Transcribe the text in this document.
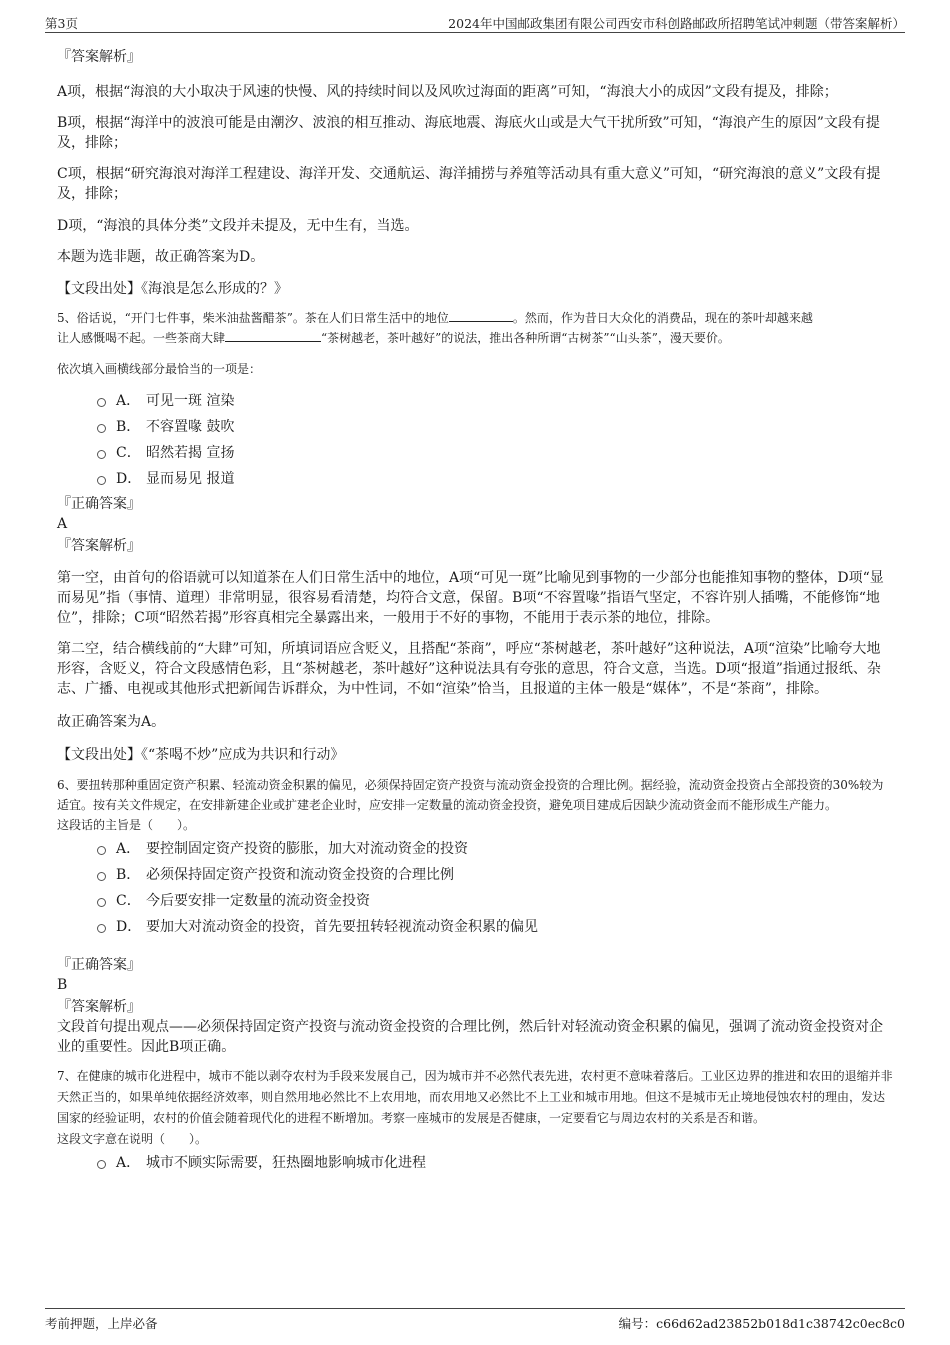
第3页	2024年中国邮政集团有限公司西安市科创路邮政所招聘笔试冲刺题（带答案解析）

『答案解析』

A项，根据“海浪的大小取决于风速的快慢、风的持续时间以及风吹过海面的距离”可知，“海浪大小的成因”文段有提及，排除；

B项，根据“海洋中的波浪可能是由潮汐、波浪的相互推动、海底地震、海底火山或是大气干扰所致”可知，“海浪产生的原因”文段有提及，排除；

C项，根据“研究海浪对海洋工程建设、海洋开发、交通航运、海洋捕捞与养殖等活动具有重大意义”可知，“研究海浪的意义”文段有提及，排除；

D项，“海浪的具体分类”文段并未提及，无中生有，当选。

本题为选非题，故正确答案为D。

【文段出处】《海浪是怎么形成的？》

5、俗话说，“开门七件事，柴米油盐酱醋茶”。茶在人们日常生活中的地位	。然而，作为昔日大众化的消费品，现在的茶叶却越来越
让人感慨喝不起。一些茶商大肆	“茶树越老，茶叶越好”的说法，推出各种所谓“古树茶”“山头茶”，漫天要价。

依次填入画横线部分最恰当的一项是：

A． 可见一斑 渲染
B． 不容置喙 鼓吹
C． 昭然若揭 宣扬
D． 显而易见 报道

『正确答案』

A

『答案解析』

第一空，由首句的俗语就可以知道茶在人们日常生活中的地位，A项“可见一斑”比喻见到事物的一少部分也能推知事物的整体，D项“显而易见”指（事情、道理）非常明显，很容易看清楚，均符合文意，保留。B项“不容置喙”指语气坚定，不容许别人插嘴，不能修饰“地位”，排除；C项“昭然若揭”形容真相完全暴露出来，一般用于不好的事物，不能用于表示茶的地位，排除。

第二空，结合横线前的“大肆”可知，所填词语应含贬义，且搭配“茶商”，呼应“茶树越老，茶叶越好”这种说法，A项“渲染”比喻夸大地形容，含贬义，符合文段感情色彩，且“茶树越老，茶叶越好”这种说法具有夸张的意思，符合文意，当选。D项“报道”指通过报纸、杂志、广播、电视或其他形式把新闻告诉群众，为中性词，不如“渲染”恰当，且报道的主体一般是“媒体”，不是“茶商”，排除。

故正确答案为A。

【文段出处】《“茶喝不炒”应成为共识和行动》

6、要扭转那种重固定资产积累、轻流动资金积累的偏见，必须保持固定资产投资与流动资金投资的合理比例。据经验，流动资金投资占全部投资的30%较为适宜。按有关文件规定，在安排新建企业或扩建老企业时，应安排一定数量的流动资金投资，避免项目建成后因缺少流动资金而不能形成生产能力。

这段话的主旨是（　　）。

A． 要控制固定资产投资的膨胀，加大对流动资金的投资
B． 必须保持固定资产投资和流动资金投资的合理比例
C． 今后要安排一定数量的流动资金投资
D． 要加大对流动资金的投资，首先要扭转轻视流动资金积累的偏见

『正确答案』

B

『答案解析』

文段首句提出观点——必须保持固定资产投资与流动资金投资的合理比例，然后针对轻流动资金积累的偏见，强调了流动资金投资对企业的重要性。因此B项正确。

7、在健康的城市化进程中，城市不能以剥夺农村为手段来发展自己，因为城市并不必然代表先进，农村更不意味着落后。工业区边界的推进和农田的退缩并非天然正当的，如果单纯依据经济效率，则自然用地必然比不上农用地，而农用地又必然比不上工业和城市用地。但这不是城市无止境地侵蚀农村的理由，发达国家的经验证明，农村的价值会随着现代化的进程不断增加。考察一座城市的发展是否健康，一定要看它与周边农村的关系是否和谐。

这段文字意在说明（　　）。

A． 城市不顾实际需要，狂热圈地影响城市化进程
考前押题，上岸必备	编号：c66d62ad23852b018d1c38742c0ec8c0
